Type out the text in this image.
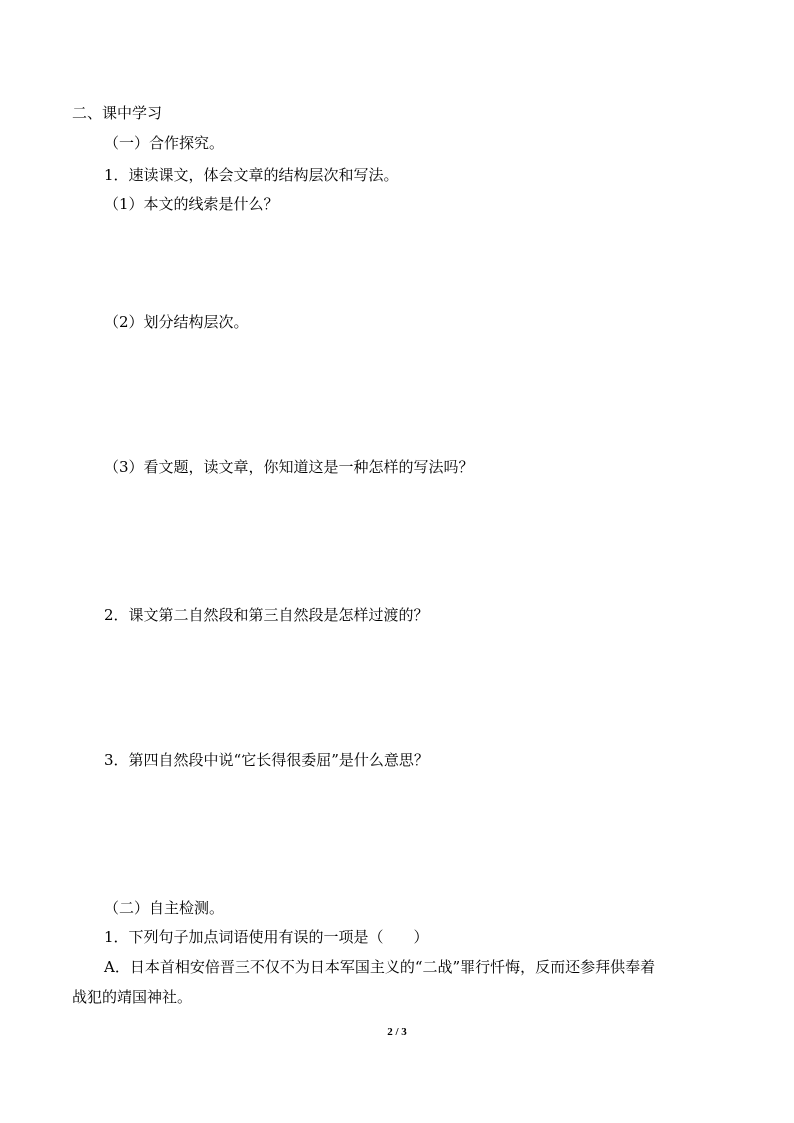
二、课中学习
（一）合作探究。
1．速读课文，体会文章的结构层次和写法。
（1）本文的线索是什么？
（2）划分结构层次。
（3）看文题，读文章，你知道这是一种怎样的写法吗？
2．课文第二自然段和第三自然段是怎样过渡的？
3．第四自然段中说“它长得很委屈”是什么意思？
（二）自主检测。
1．下列句子加点词语使用有误的一项是（　　）
A．日本首相安倍晋三不仅不为日本军国主义的“二战”罪行忏悔，反而还参拜供奉着
战犯的靖国神社。
2 / 3
